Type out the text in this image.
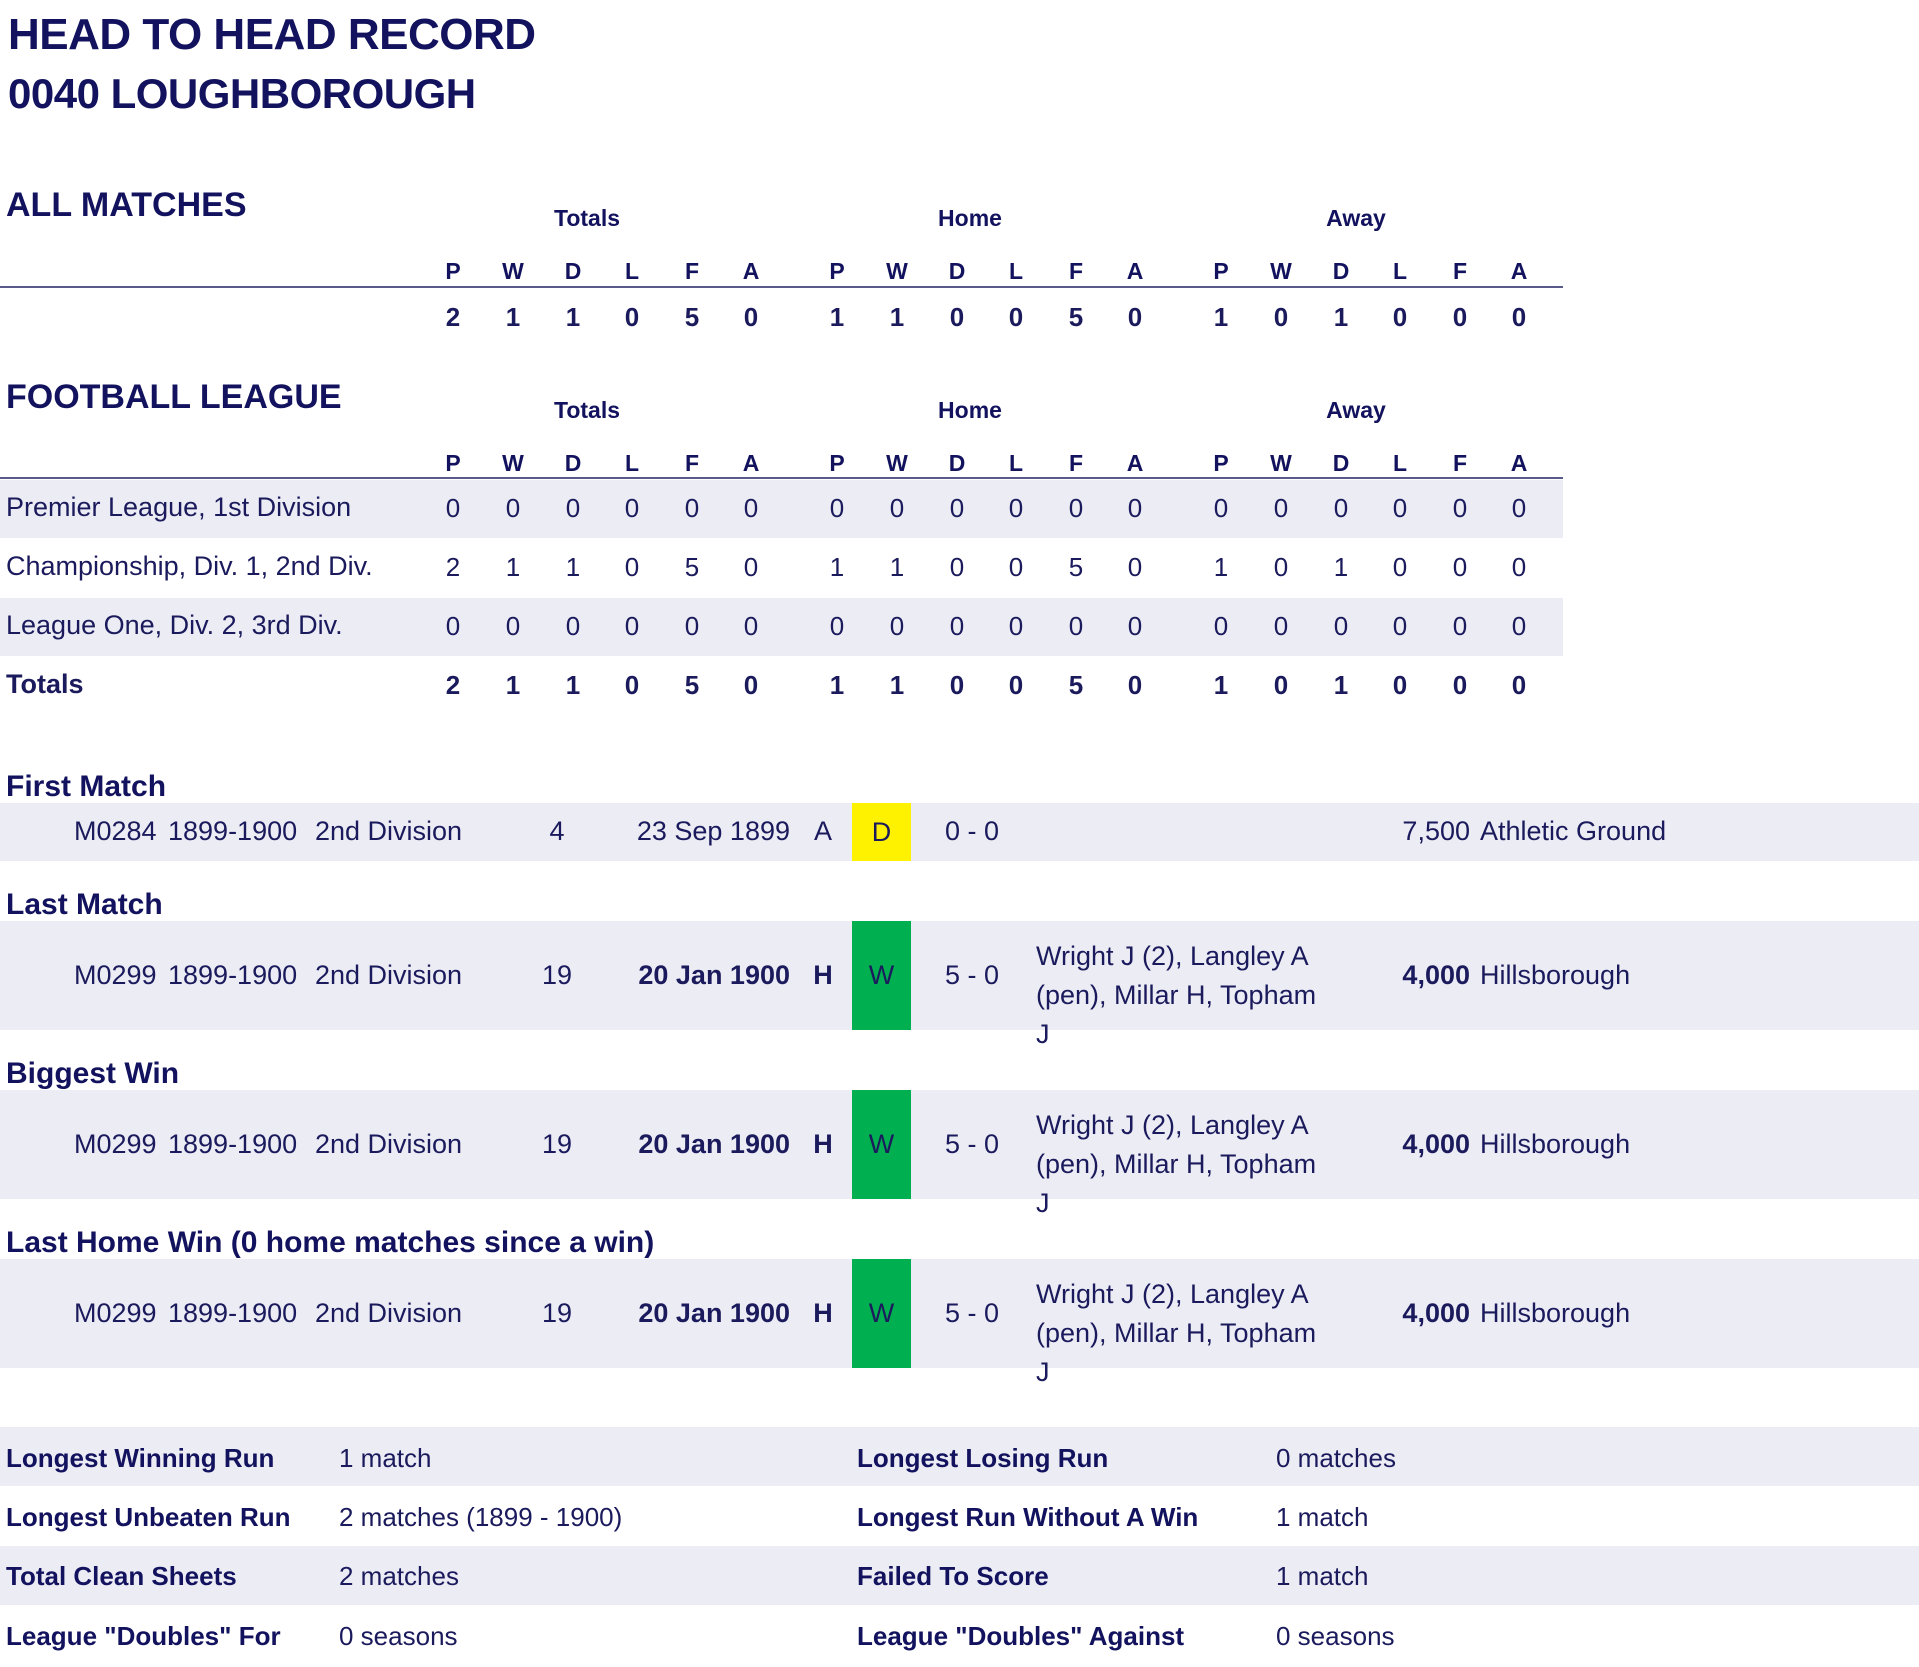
HEAD TO HEAD RECORD
0040 LOUGHBOROUGH
ALL MATCHES	Totals	Home	Away
P	W	D	L	F	A	P	W	D	L	F	A	P	W	D	L	F	A
2	1	1	0	5	0	1	1	0	0	5	0	1	0	1	0	0	0
FOOTBALL LEAGUE	Totals	Home	Away
P	W	D	L	F	A	P	W	D	L	F	A	P	W	D	L	F	A
Premier League, 1st Division	0	0	0	0	0	0	0	0	0	0	0	0	0	0	0	0	0	0
Championship, Div. 1, 2nd Div.	2	1	1	0	5	0	1	1	0	0	5	0	1	0	1	0	0	0
League One, Div. 2, 3rd Div.	0	0	0	0	0	0	0	0	0	0	0	0	0	0	0	0	0	0
Totals	2	1	1	0	5	0	1	1	0	0	5	0	1	0	1	0	0	0
First Match
M0284 1899-1900 2nd Division	4	23 Sep 1899 A	D	0 - 0	7,500 Athletic Ground
Last Match
M0299 1899-1900 2nd Division	19	20 Jan 1900 H	W	5 - 0
Wright J (2), Langley A (pen), Millar H, Topham J
4,000 Hillsborough
Biggest Win
M0299 1899-1900 2nd Division	19	20 Jan 1900 H	W	5 - 0
Wright J (2), Langley A (pen), Millar H, Topham J
4,000 Hillsborough
Last Home Win (0 home matches since a win)
M0299 1899-1900 2nd Division	19	20 Jan 1900 H	W	5 - 0
Wright J (2), Langley A (pen), Millar H, Topham J
4,000 Hillsborough
Longest Winning Run 1 match	Longest Losing Run	0 matches
Longest Unbeaten Run 2 matches (1899 - 1900)	Longest Run Without A Win	1 match
Total Clean Sheets	2 matches	Failed To Score	1 match
League "Doubles" For 0 seasons	League "Doubles" Against	0 seasons
